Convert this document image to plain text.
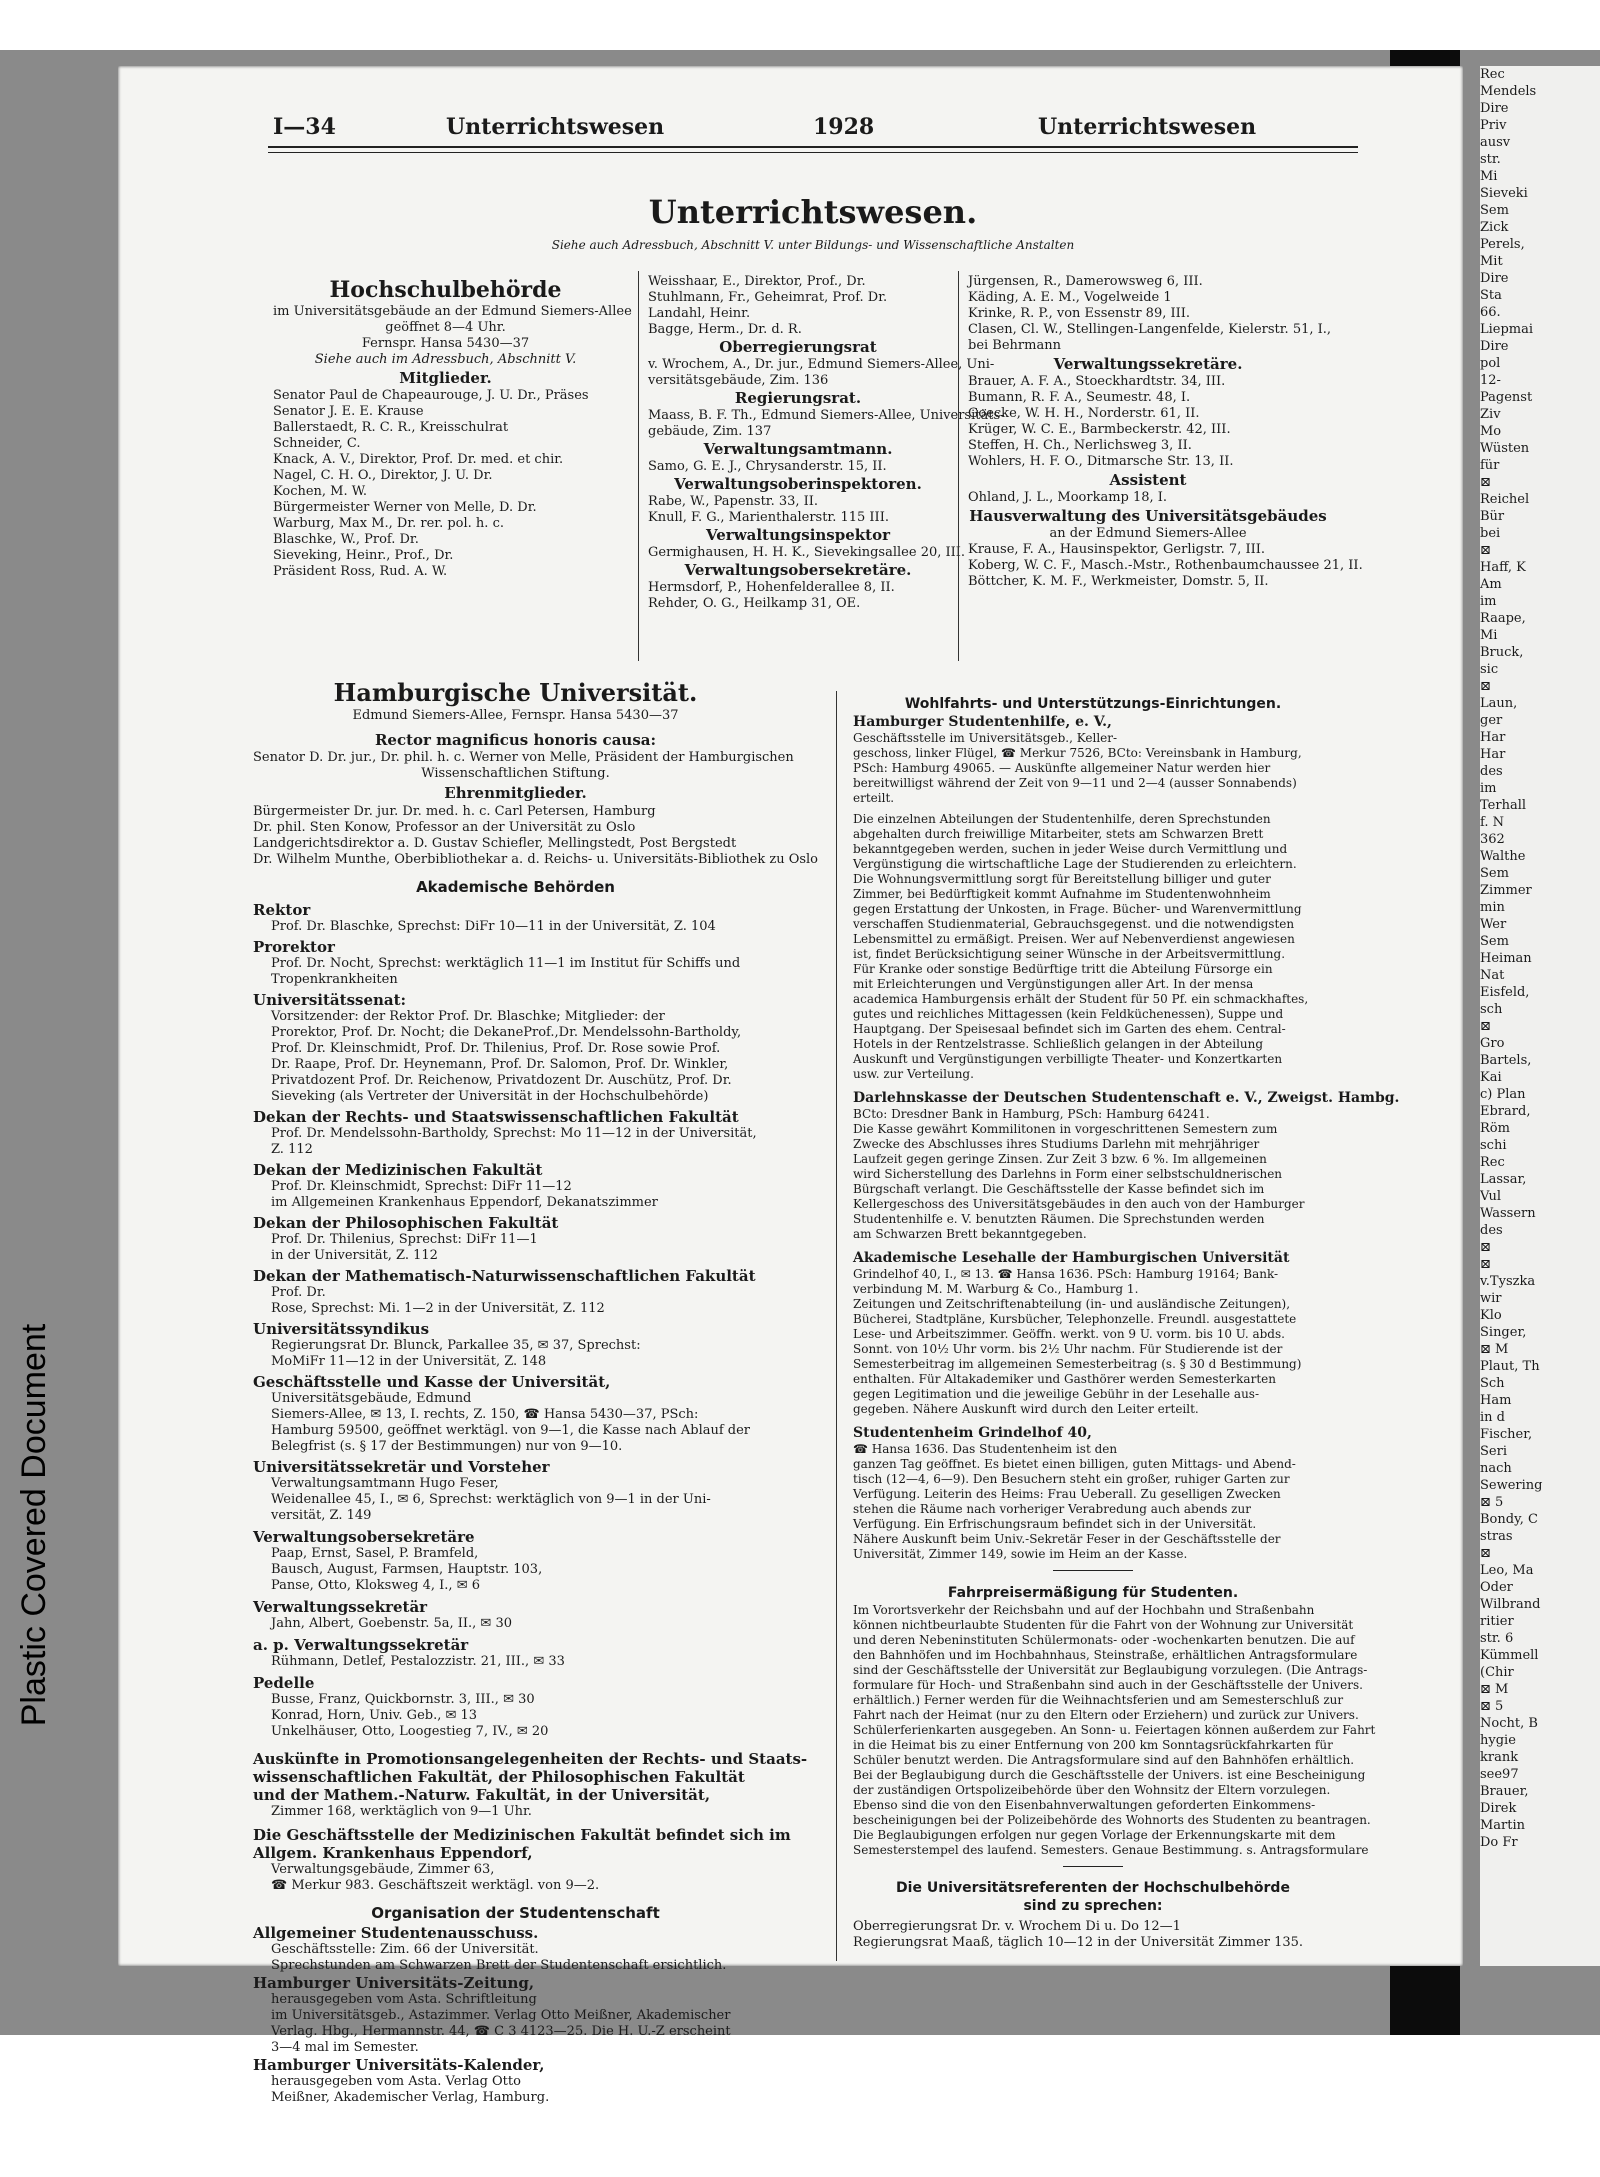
Plastic Covered Document
Rec
Mendels
Dire
Priv
ausv
str.
Mi
Sieveki
Sem
Zick
Perels,
Mit
Dire
Sta
66.
Liepmai
Dire
pol
12-
Pagenst
Ziv
Mo
Wüsten
für
⊠
Reichel
Bür
bei
⊠
Haff, K
Am
im
Raape,
Mi
Bruck,
sic
⊠
Laun,
ger
Har
Har
des
im
Terhall
f. N
362
Walthe
Sem
Zimmer
min
Wer
Sem
Heiman
Nat
Eisfeld,
sch
⊠
Gro
Bartels,
Kai
c) Plan
Ebrard,
Röm
schi
Rec
Lassar,
Vul
Wassern
des
⊠
⊠
v.Tyszka
wir
Klo
Singer,
⊠ M
Plaut, Th
Sch
Ham
in d
Fischer,
Seri
nach
Sewering
⊠ 5
Bondy, C
stras
⊠
Leo, Ma
Oder
Wilbrand
ritier
str. 6
Kümmell
(Chir
⊠ M
⊠ 5
Nocht, B
hygie
krank
see97
Brauer,
Direk
Martin
Do Fr
I—34	Unterrichtswesen	1928	Unterrichtswesen
Unterrichtswesen.
Siehe auch Adressbuch, Abschnitt V. unter Bildungs- und Wissenschaftliche Anstalten
Hochschulbehörde
im Universitätsgebäude an der Edmund Siemers-Allee
geöffnet 8—4 Uhr.
Fernspr. Hansa 5430—37
Siehe auch im Adressbuch, Abschnitt V.
Mitglieder.
Senator Paul de Chapeaurouge, J. U. Dr., Präses
Senator J. E. E. Krause
Ballerstaedt, R. C. R., Kreisschulrat
Schneider, C.
Knack, A. V., Direktor, Prof. Dr. med. et chir.
Nagel, C. H. O., Direktor, J. U. Dr.
Kochen, M. W.
Bürgermeister Werner von Melle, D. Dr.
Warburg, Max M., Dr. rer. pol. h. c.
Blaschke, W., Prof. Dr.
Sieveking, Heinr., Prof., Dr.
Präsident Ross, Rud. A. W.
Weisshaar, E., Direktor, Prof., Dr.
Stuhlmann, Fr., Geheimrat, Prof. Dr.
Landahl, Heinr.
Bagge, Herm., Dr. d. R.
Oberregierungsrat
v. Wrochem, A., Dr. jur., Edmund Siemers-Allee, Uni-
versitätsgebäude, Zim. 136
Regierungsrat.
Maass, B. F. Th., Edmund Siemers-Allee, Universitäts-
gebäude, Zim. 137
Verwaltungsamtmann.
Samo, G. E. J., Chrysanderstr. 15, II.
Verwaltungsoberinspektoren.
Rabe, W., Papenstr. 33, II.
Knull, F. G., Marienthalerstr. 115 III.
Verwaltungsinspektor
Germighausen, H. H. K., Sievekingsallee 20, III.
Verwaltungsobersekretäre.
Hermsdorf, P., Hohenfelderallee 8, II.
Rehder, O. G., Heilkamp 31, OE.
Jürgensen, R., Damerowsweg 6, III.
Käding, A. E. M., Vogelweide 1
Krinke, R. P., von Essenstr 89, III.
Clasen, Cl. W., Stellingen-Langenfelde, Kielerstr. 51, I.,
bei Behrmann
Verwaltungssekretäre.
Brauer, A. F. A., Stoeckhardtstr. 34, III.
Bumann, R. F. A., Seumestr. 48, I.
Goecke, W. H. H., Norderstr. 61, II.
Krüger, W. C. E., Barmbeckerstr. 42, III.
Steffen, H. Ch., Nerlichsweg 3, II.
Wohlers, H. F. O., Ditmarsche Str. 13, II.
Assistent
Ohland, J. L., Moorkamp 18, I.
Hausverwaltung des Universitätsgebäudes
an der Edmund Siemers-Allee
Krause, F. A., Hausinspektor, Gerligstr. 7, III.
Koberg, W. C. F., Masch.-Mstr., Rothenbaumchaussee 21, II.
Böttcher, K. M. F., Werkmeister, Domstr. 5, II.
Hamburgische Universität.
Edmund Siemers-Allee, Fernspr. Hansa 5430—37
Rector magnificus honoris causa:
Senator D. Dr. jur., Dr. phil. h. c. Werner von Melle, Präsident der Hamburgischen
Wissenschaftlichen Stiftung.
Ehrenmitglieder.
Bürgermeister Dr. jur. Dr. med. h. c. Carl Petersen, Hamburg
Dr. phil. Sten Konow, Professor an der Universität zu Oslo
Landgerichtsdirektor a. D. Gustav Schiefler, Mellingstedt, Post Bergstedt
Dr. Wilhelm Munthe, Oberbibliothekar a. d. Reichs- u. Universitäts-Bibliothek zu Oslo
Akademische Behörden
Rektor
Prof. Dr. Blaschke, Sprechst: DiFr 10—11 in der Universität, Z. 104
Prorektor
Prof. Dr. Nocht, Sprechst: werktäglich 11—1 im Institut für Schiffs und
Tropenkrankheiten
Universitätssenat:
Vorsitzender: der Rektor Prof. Dr. Blaschke; Mitglieder: der
Prorektor, Prof. Dr. Nocht; die DekaneProf.,Dr. Mendelssohn-Bartholdy,
Prof. Dr. Kleinschmidt, Prof. Dr. Thilenius, Prof. Dr. Rose sowie Prof.
Dr. Raape, Prof. Dr. Heynemann, Prof. Dr. Salomon, Prof. Dr. Winkler,
Privatdozent Prof. Dr. Reichenow, Privatdozent Dr. Auschütz, Prof. Dr.
Sieveking (als Vertreter der Universität in der Hochschulbehörde)
Dekan der Rechts- und Staatswissenschaftlichen Fakultät
Prof. Dr. Mendelssohn-Bartholdy, Sprechst: Mo 11—12 in der Universität,
Z. 112
Dekan der Medizinischen Fakultät
Prof. Dr. Kleinschmidt, Sprechst: DiFr 11—12
im Allgemeinen Krankenhaus Eppendorf, Dekanatszimmer
Dekan der Philosophischen Fakultät
Prof. Dr. Thilenius, Sprechst: DiFr 11—1
in der Universität, Z. 112
Dekan der Mathematisch-Naturwissenschaftlichen Fakultät
Prof. Dr.
Rose, Sprechst: Mi. 1—2 in der Universität, Z. 112
Universitätssyndikus
Regierungsrat Dr. Blunck, Parkallee 35, ✉ 37, Sprechst:
MoMiFr 11—12 in der Universität, Z. 148
Geschäftsstelle und Kasse der Universität,
Universitätsgebäude, Edmund
Siemers-Allee, ✉ 13, I. rechts, Z. 150, ☎ Hansa 5430—37, PSch:
Hamburg 59500, geöffnet werktägl. von 9—1, die Kasse nach Ablauf der
Belegfrist (s. § 17 der Bestimmungen) nur von 9—10.
Universitätssekretär und Vorsteher
Verwaltungsamtmann Hugo Feser,
Weidenallee 45, I., ✉ 6, Sprechst: werktäglich von 9—1 in der Uni-
versität, Z. 149
Verwaltungsobersekretäre
Paap, Ernst, Sasel, P. Bramfeld,
Bausch, August, Farmsen, Hauptstr. 103,
Panse, Otto, Kloksweg 4, I., ✉ 6
Verwaltungssekretär
Jahn, Albert, Goebenstr. 5a, II., ✉ 30
a. p. Verwaltungssekretär
Rühmann, Detlef, Pestalozzistr. 21, III., ✉ 33
Pedelle
Busse, Franz, Quickbornstr. 3, III., ✉ 30
Konrad, Horn, Univ. Geb., ✉ 13
Unkelhäuser, Otto, Loogestieg 7, IV., ✉ 20
Auskünfte in Promotionsangelegenheiten der Rechts- und Staats-
wissenschaftlichen Fakultät, der Philosophischen Fakultät
und der Mathem.-Naturw. Fakultät, in der Universität,
Zimmer 168, werktäglich von 9—1 Uhr.
Die Geschäftsstelle der Medizinischen Fakultät befindet sich im
Allgem. Krankenhaus Eppendorf,
Verwaltungsgebäude, Zimmer 63,
☎ Merkur 983. Geschäftszeit werktägl. von 9—2.
Organisation der Studentenschaft
Allgemeiner Studentenausschuss.
Geschäftsstelle: Zim. 66 der Universität.
Sprechstunden am Schwarzen Brett der Studentenschaft ersichtlich.
Hamburger Universitäts-Zeitung,
herausgegeben vom Asta. Schriftleitung
im Universitätsgeb., Astazimmer. Verlag Otto Meißner, Akademischer
Verlag. Hbg., Hermannstr. 44, ☎ C 3 4123—25. Die H. U.-Z erscheint
3—4 mal im Semester.
Hamburger Universitäts-Kalender,
herausgegeben vom Asta. Verlag Otto
Meißner, Akademischer Verlag, Hamburg.
Wohlfahrts- und Unterstützungs-Einrichtungen.
Hamburger Studentenhilfe, e. V.,
Geschäftsstelle im Universitätsgeb., Keller-
geschoss, linker Flügel, ☎ Merkur 7526, BCto: Vereinsbank in Hamburg,
PSch: Hamburg 49065. — Auskünfte allgemeiner Natur werden hier
bereitwilligst während der Zeit von 9—11 und 2—4 (ausser Sonnabends)
erteilt.
Die einzelnen Abteilungen der Studentenhilfe, deren Sprechstunden
abgehalten durch freiwillige Mitarbeiter, stets am Schwarzen Brett
bekanntgegeben werden, suchen in jeder Weise durch Vermittlung und
Vergünstigung die wirtschaftliche Lage der Studierenden zu erleichtern.
Die Wohnungsvermittlung sorgt für Bereitstellung billiger und guter
Zimmer, bei Bedürftigkeit kommt Aufnahme im Studentenwohnheim
gegen Erstattung der Unkosten, in Frage. Bücher- und Warenvermittlung
verschaffen Studienmaterial, Gebrauchsgegenst. und die notwendigsten
Lebensmittel zu ermäßigt. Preisen. Wer auf Nebenverdienst angewiesen
ist, findet Berücksichtigung seiner Wünsche in der Arbeitsvermittlung.
Für Kranke oder sonstige Bedürftige tritt die Abteilung Fürsorge ein
mit Erleichterungen und Vergünstigungen aller Art. In der mensa
academica Hamburgensis erhält der Student für 50 Pf. ein schmackhaftes,
gutes und reichliches Mittagessen (kein Feldküchenessen), Suppe und
Hauptgang. Der Speisesaal befindet sich im Garten des ehem. Central-
Hotels in der Rentzelstrasse. Schließlich gelangen in der Abteilung
Auskunft und Vergünstigungen verbilligte Theater- und Konzertkarten
usw. zur Verteilung.
Darlehnskasse der Deutschen Studentenschaft e. V., Zweigst. Hambg.
BCto: Dresdner Bank in Hamburg, PSch: Hamburg 64241.
Die Kasse gewährt Kommilitonen in vorgeschrittenen Semestern zum
Zwecke des Abschlusses ihres Studiums Darlehn mit mehrjähriger
Laufzeit gegen geringe Zinsen. Zur Zeit 3 bzw. 6 %. Im allgemeinen
wird Sicherstellung des Darlehns in Form einer selbstschuldnerischen
Bürgschaft verlangt. Die Geschäftsstelle der Kasse befindet sich im
Kellergeschoss des Universitätsgebäudes in den auch von der Hamburger
Studentenhilfe e. V. benutzten Räumen. Die Sprechstunden werden
am Schwarzen Brett bekanntgegeben.
Akademische Lesehalle der Hamburgischen Universität
Grindelhof 40, I., ✉ 13. ☎ Hansa 1636. PSch: Hamburg 19164; Bank-
verbindung M. M. Warburg & Co., Hamburg 1.
Zeitungen und Zeitschriftenabteilung (in- und ausländische Zeitungen),
Bücherei, Stadtpläne, Kursbücher, Telephonzelle. Freundl. ausgestattete
Lese- und Arbeitszimmer. Geöffn. werkt. von 9 U. vorm. bis 10 U. abds.
Sonnt. von 10½ Uhr vorm. bis 2½ Uhr nachm. Für Studierende ist der
Semesterbeitrag im allgemeinen Semesterbeitrag (s. § 30 d Bestimmung)
enthalten. Für Altakademiker und Gasthörer werden Semesterkarten
gegen Legitimation und die jeweilige Gebühr in der Lesehalle aus-
gegeben. Nähere Auskunft wird durch den Leiter erteilt.
Studentenheim Grindelhof 40,
☎ Hansa 1636. Das Studentenheim ist den
ganzen Tag geöffnet. Es bietet einen billigen, guten Mittags- und Abend-
tisch (12—4, 6—9). Den Besuchern steht ein großer, ruhiger Garten zur
Verfügung. Leiterin des Heims: Frau Ueberall. Zu geselligen Zwecken
stehen die Räume nach vorheriger Verabredung auch abends zur
Verfügung. Ein Erfrischungsraum befindet sich in der Universität.
Nähere Auskunft beim Univ.-Sekretär Feser in der Geschäftsstelle der
Universität, Zimmer 149, sowie im Heim an der Kasse.
Fahrpreisermäßigung für Studenten.
Im Vorortsverkehr der Reichsbahn und auf der Hochbahn und Straßenbahn
können nichtbeurlaubte Studenten für die Fahrt von der Wohnung zur Universität
und deren Nebeninstituten Schülermonats- oder -wochenkarten benutzen. Die auf
den Bahnhöfen und im Hochbahnhaus, Steinstraße, erhältlichen Antragsformulare
sind der Geschäftsstelle der Universität zur Beglaubigung vorzulegen. (Die Antrags-
formulare für Hoch- und Straßenbahn sind auch in der Geschäftsstelle der Univers.
erhältlich.) Ferner werden für die Weihnachtsferien und am Semesterschluß zur
Fahrt nach der Heimat (nur zu den Eltern oder Erziehern) und zurück zur Univers.
Schülerferienkarten ausgegeben. An Sonn- u. Feiertagen können außerdem zur Fahrt
in die Heimat bis zu einer Entfernung von 200 km Sonntagsrückfahrkarten für
Schüler benutzt werden. Die Antragsformulare sind auf den Bahnhöfen erhältlich.
Bei der Beglaubigung durch die Geschäftsstelle der Univers. ist eine Bescheinigung
der zuständigen Ortspolizeibehörde über den Wohnsitz der Eltern vorzulegen.
Ebenso sind die von den Eisenbahnverwaltungen geforderten Einkommens-
bescheinigungen bei der Polizeibehörde des Wohnorts des Studenten zu beantragen.
Die Beglaubigungen erfolgen nur gegen Vorlage der Erkennungskarte mit dem
Semesterstempel des laufend. Semesters. Genaue Bestimmung. s. Antragsformulare
Die Universitätsreferenten der Hochschulbehörde
sind zu sprechen:
Oberregierungsrat Dr. v. Wrochem Di u. Do 12—1
Regierungsrat Maaß, täglich 10—12 in der Universität Zimmer 135.
